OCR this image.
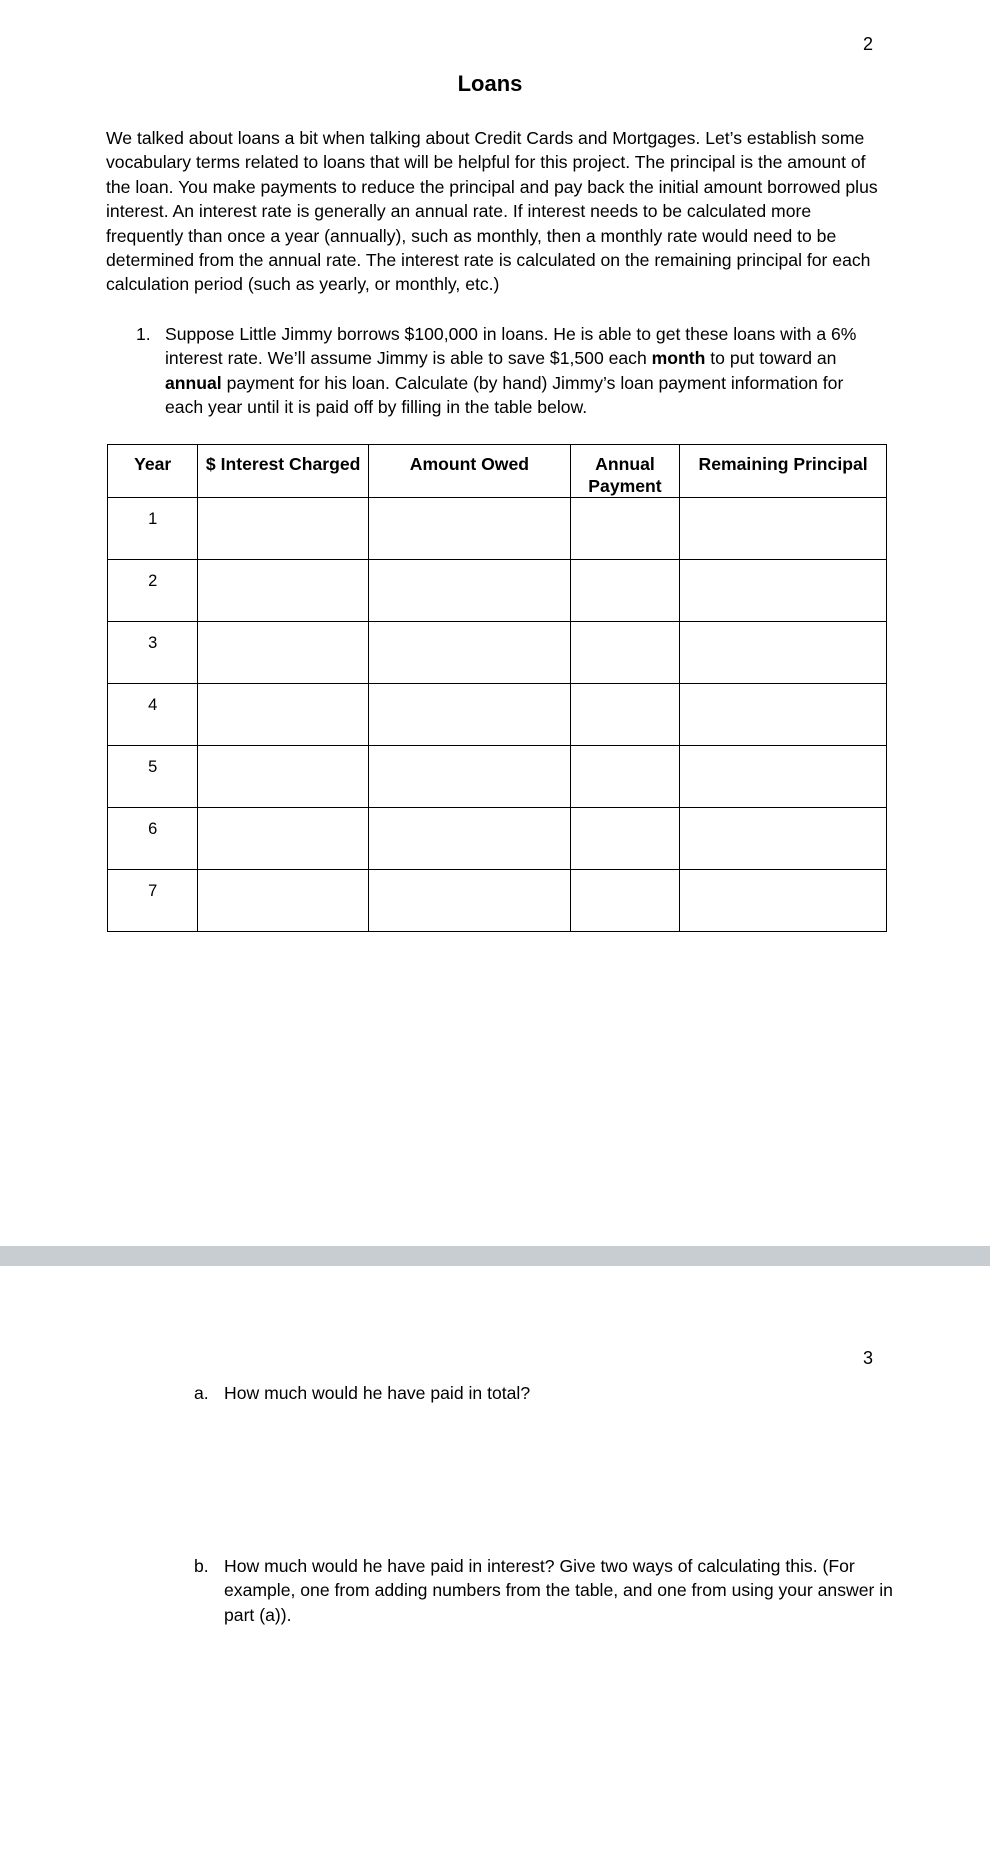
2
Loans

We talked about loans a bit when talking about Credit Cards and Mortgages. Let’s establish some vocabulary terms related to loans that will be helpful for this project. The principal is the amount of the loan. You make payments to reduce the principal and pay back the initial amount borrowed plus interest. An interest rate is generally an annual rate. If interest needs to be calculated more frequently than once a year (annually), such as monthly, then a monthly rate would need to be determined from the annual rate. The interest rate is calculated on the remaining principal for each calculation period (such as yearly, or monthly, etc.)

1. Suppose Little Jimmy borrows $100,000 in loans. He is able to get these loans with a 6% interest rate. We’ll assume Jimmy is able to save $1,500 each month to put toward an annual payment for his loan. Calculate (by hand) Jimmy’s loan payment information for each year until it is paid off by filling in the table below.
Year	$ Interest Charged	Amount Owed	Annual Payment	Remaining Principal
1				
2				
3				
4				
5				
6				
7				
3
a. How much would he have paid in total?
b. How much would he have paid in interest? Give two ways of calculating this. (For example, one from adding numbers from the table, and one from using your answer in part (a)).
